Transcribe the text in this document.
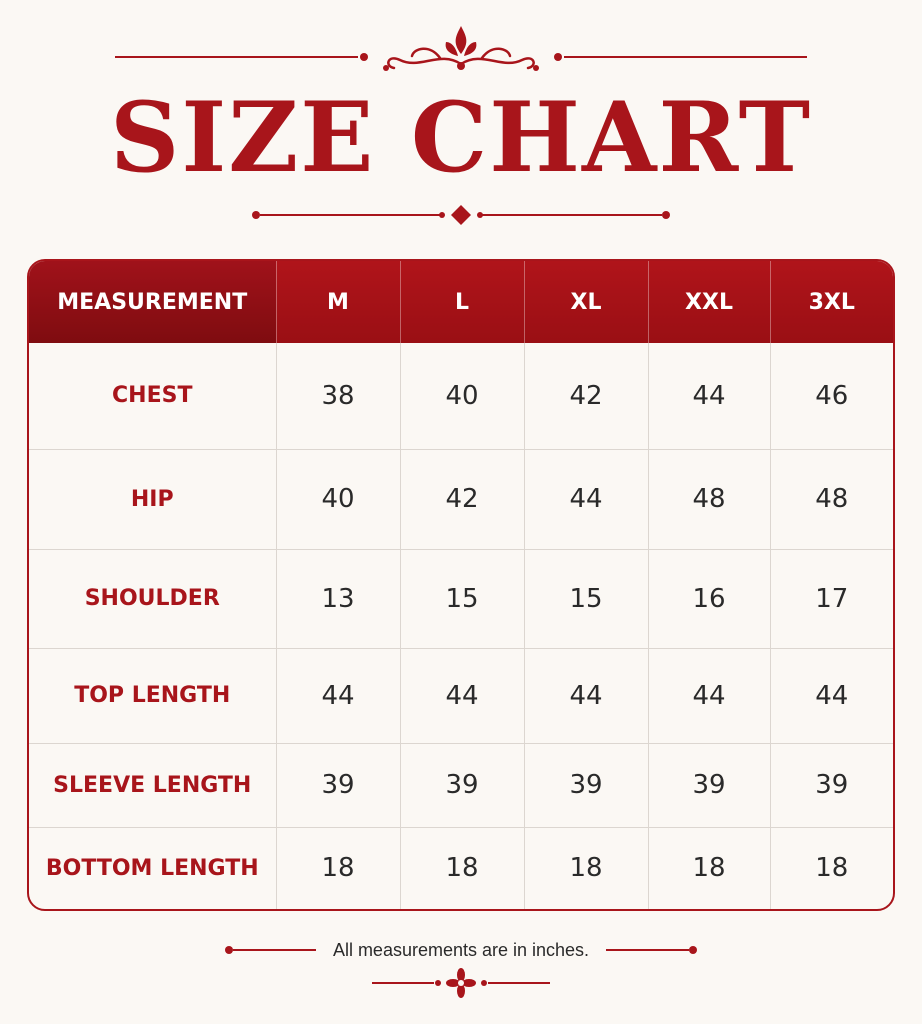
SIZE CHART
MEASUREMENT	M	L	XL	XXL	3XL
CHEST	38	40	42	44	46
HIP	40	42	44	48	48
SHOULDER	13	15	15	16	17
TOP LENGTH	44	44	44	44	44
SLEEVE LENGTH	39	39	39	39	39
BOTTOM LENGTH	18	18	18	18	18
All measurements are in inches.
